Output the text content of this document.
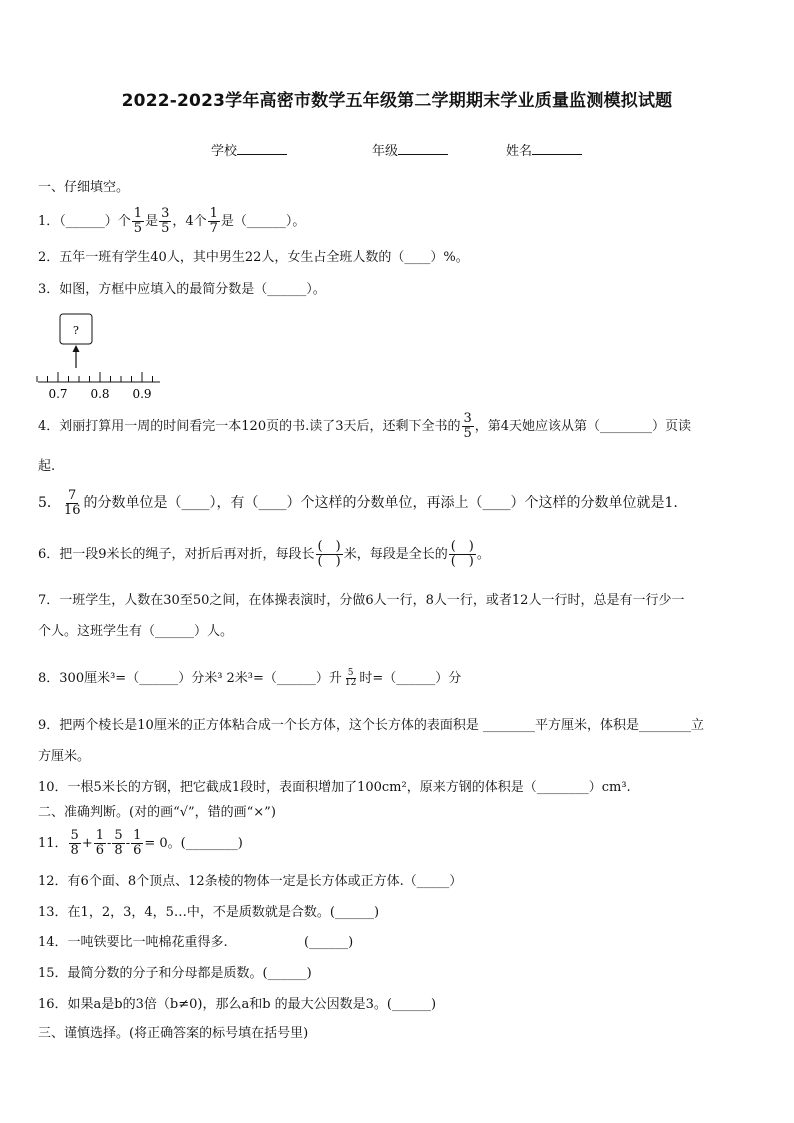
2022-2023学年高密市数学五年级第二学期期末学业质量监测模拟试题
学校	年级	姓名
一、仔细填空。
1．（______）个 $\frac{1}{5}$ 是 $\frac{3}{5}$ ，4个 $\frac{1}{7}$ 是（______）。
2．五年一班有学生40人，其中男生22人，女生占全班人数的（____）%。
3．如图，方框中应填入的最简分数是（______）。
?
0.7 0.8 0.9
4．刘丽打算用一周的时间看完一本120页的书.读了3天后，还剩下全书的 $\frac{3}{5}$ ，第4天她应该从第（________）页读
起.
5． $\frac{7}{16}$ 的分数单位是（____），有（____）个这样的分数单位，再添上（____）个这样的分数单位就是1.
6．把一段9米长的绳子，对折后再对折，每段长 $\frac{( )}{( )}$ 米，每段是全长的 $\frac{( )}{( )}$ 。
7．一班学生，人数在30至50之间，在体操表演时，分做6人一行，8人一行，或者12人一行时，总是有一行少一
个人。这班学生有（______）人。
8．300厘米³=（______）分米³ 2米³=（______）升 $\frac{5}{12}$ 时=（______）分
9．把两个棱长是10厘米的正方体粘合成一个长方体，这个长方体的表面积是 ________平方厘米，体积是________立
方厘米。
10．一根5米长的方钢，把它截成1段时，表面积增加了100cm²，原来方钢的体积是（________）cm³.
二、准确判断。(对的画“√”，错的画“×”)
11． $\frac{5}{8} + \frac{1}{6} - \frac{5}{8} - \frac{1}{6} = 0$。(________)
12．有6个面、8个顶点、12条棱的物体一定是长方体或正方体.（_____）
13．在1，2，3，4，5…中，不是质数就是合数。(______)
14．一吨铁要比一吨棉花重得多.	(______)
15．最简分数的分子和分母都是质数。(______)
16．如果a是b的3倍（b≠0)，那么a和b 的最大公因数是3。(______)
三、谨慎选择。(将正确答案的标号填在括号里)
